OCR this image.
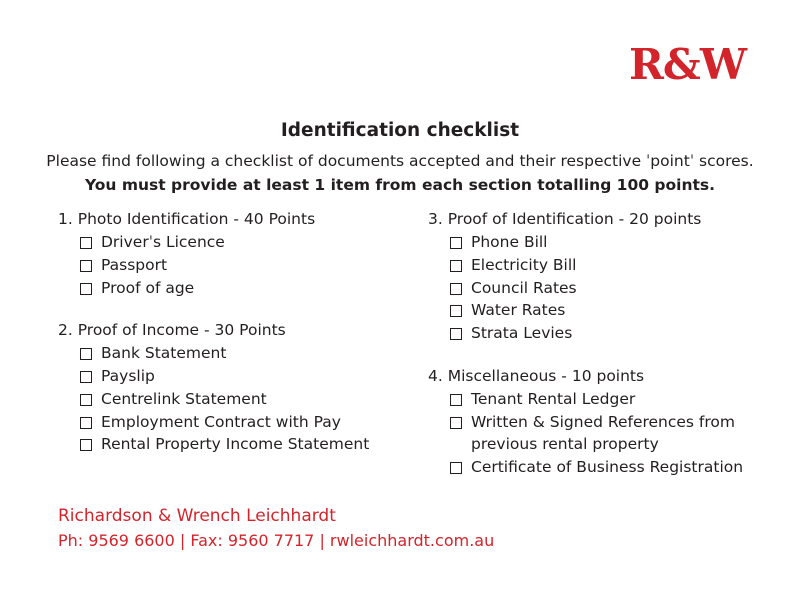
R&W
Identification checklist
Please find following a checklist of documents accepted and their respective ˈpointˈ scores.
You must provide at least 1 item from each section totalling 100 points.
1. Photo Identification - 40 Points
Driverˈs Licence
Passport
Proof of age
2. Proof of Income - 30 Points
Bank Statement
Payslip
Centrelink Statement
Employment Contract with Pay
Rental Property Income Statement
3. Proof of Identification - 20 points
Phone Bill
Electricity Bill
Council Rates
Water Rates
Strata Levies
4. Miscellaneous - 10 points
Tenant Rental Ledger
Written & Signed References from previous rental property
Certificate of Business Registration
Richardson & Wrench Leichhardt
Ph: 9569 6600 | Fax: 9560 7717 | rwleichhardt.com.au
